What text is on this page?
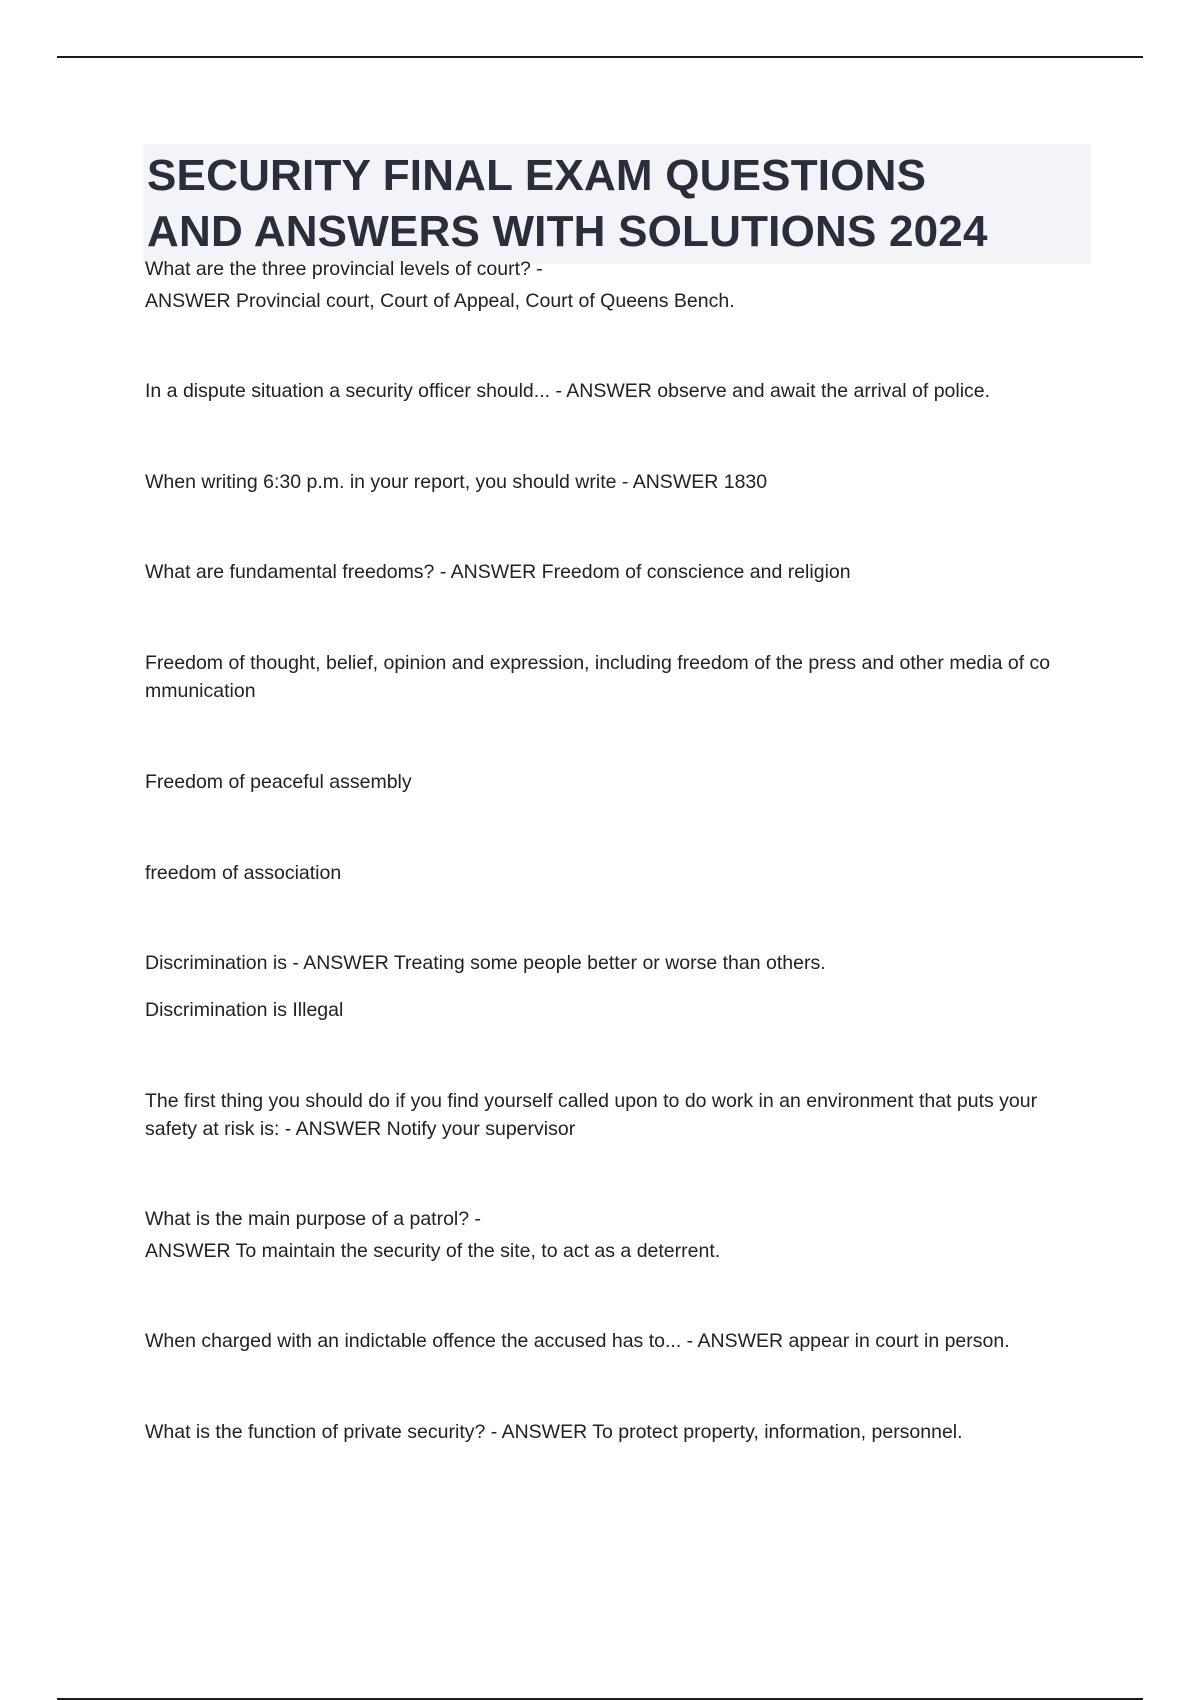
SECURITY FINAL EXAM QUESTIONS
AND ANSWERS WITH SOLUTIONS 2024
What are the three provincial levels of court? -
ANSWER Provincial court, Court of Appeal, Court of Queens Bench.
In a dispute situation a security officer should... - ANSWER observe and await the arrival of police.
When writing 6:30 p.m. in your report, you should write - ANSWER 1830
What are fundamental freedoms? - ANSWER Freedom of conscience and religion
Freedom of thought, belief, opinion and expression, including freedom of the press and other media of co
mmunication
Freedom of peaceful assembly
freedom of association
Discrimination is - ANSWER Treating some people better or worse than others.
Discrimination is Illegal
The first thing you should do if you find yourself called upon to do work in an environment that puts your
safety at risk is: - ANSWER Notify your supervisor
What is the main purpose of a patrol? -
ANSWER To maintain the security of the site, to act as a deterrent.
When charged with an indictable offence the accused has to... - ANSWER appear in court in person.
What is the function of private security? - ANSWER To protect property, information, personnel.
